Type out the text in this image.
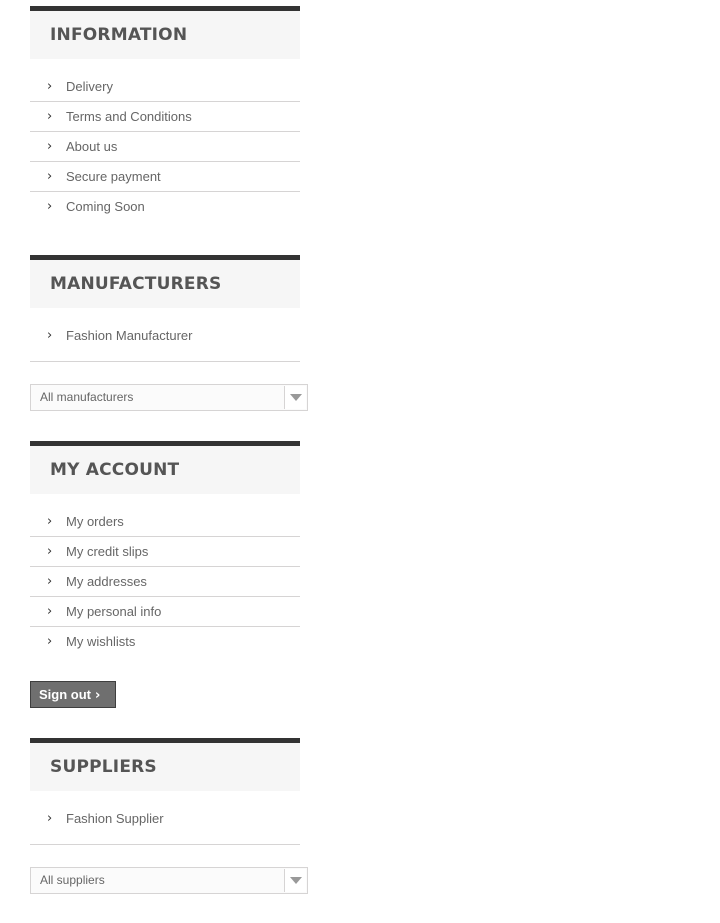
INFORMATION
› Delivery
› Terms and Conditions
› About us
› Secure payment
› Coming Soon
MANUFACTURERS
› Fashion Manufacturer
All manufacturers
MY ACCOUNT
› My orders
› My credit slips
› My addresses
› My personal info
› My wishlists
Sign out ›
SUPPLIERS
› Fashion Supplier
All suppliers
